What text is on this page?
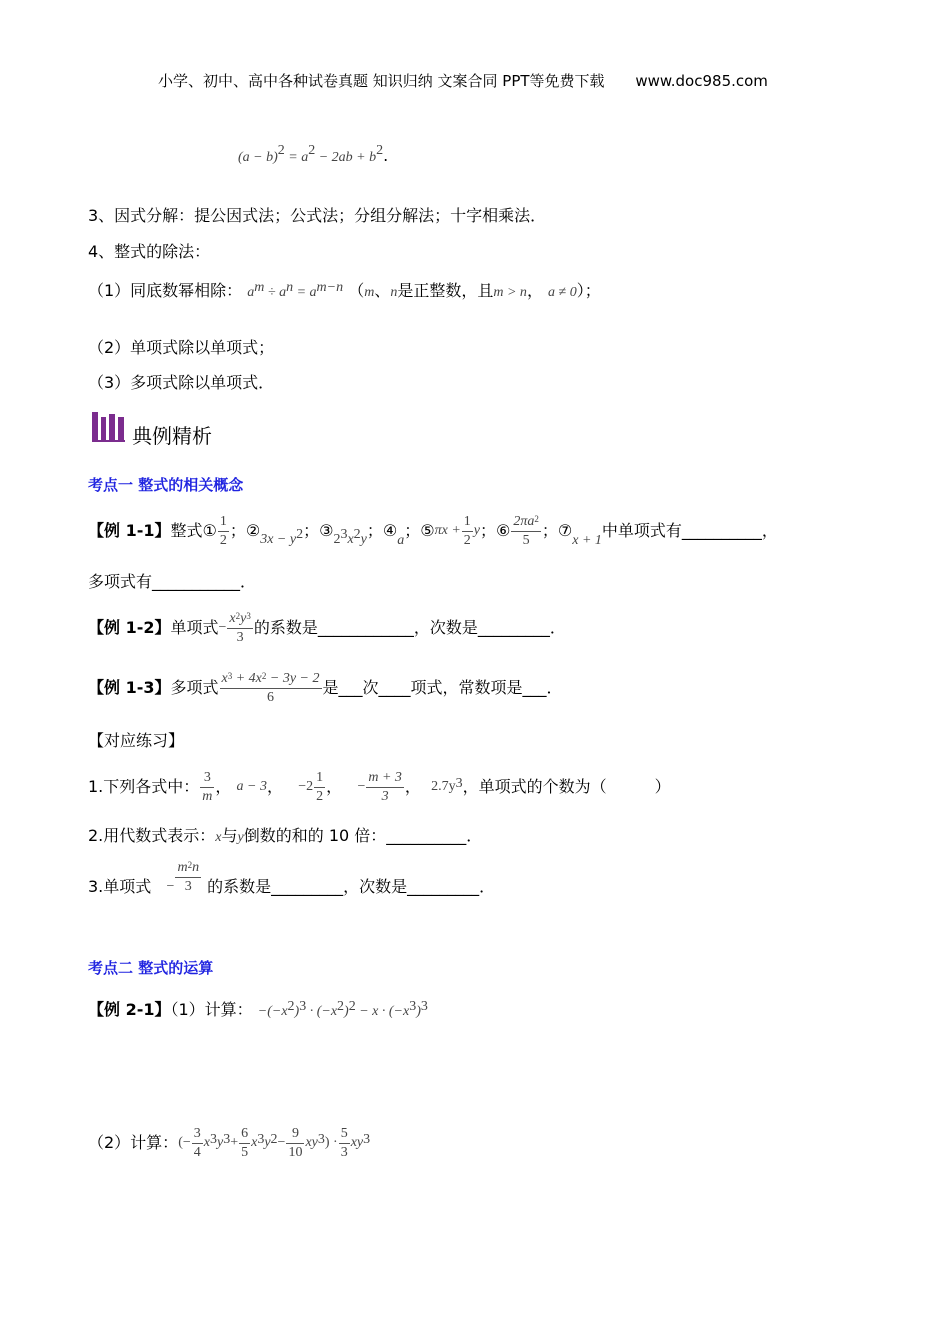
小学、初中、高中各种试卷真题 知识归纳 文案合同 PPT等免费下载 www.doc985.com
$(a - b)^2 = a^2 - 2ab + b^2$.
3、因式分解：提公因式法；公式法；分组分解法；十字相乘法．
4、整式的除法：
（1）同底数幂相除： $a^m \div a^n = a^{m-n}$ （m、n是正整数，且m > n， a ≠ 0）；
（2）单项式除以单项式；
（3）多项式除以单项式．
典例精析
考点一 整式的相关概念
【例 1-1】 整式① $\frac{1}{2}$ ；② $3x - y^2$ ；③ $2^3x^2y$ ；④
a
；⑤ $\pi x + \frac{1}{2}$ y ；⑥ $\frac{2\pi a^2}{5}$ ；⑦
x + 1
中单项式有__________，
多项式有___________．
【例 1-2】 单项式 − $\frac{x^2y^3}{3}$ 的系数是____________，次数是_________．
【例 1-3】 多项式 $\frac{x^3 + 4x^2 - 3y - 2}{6}$ 是___次____项式，常数项是___．
【对应练习】
1.下列各式中： $\frac{3}{m}$ ，
a − 3 ，
$-2 \frac{1}{2}$ ，
− $\frac{m + 3}{3}$ ，
$2.7y^3$ ，单项式的个数为（　　　）
2.用代数式表示：x与y倒数的和的 10 倍：__________．
3.单项式
− $\frac{m^2n}{3}$
的系数是_________，次数是_________．
考点二 整式的运算
【例 2-1】（1）计算： $-(-x^2)^3 \cdot (-x^2)^2 - x \cdot (-x^3)^3$
（2）计算： (− $\frac{3}{4} x^3$ $y^3 + \frac{6}{5} x^3$ $y^2 - \frac{9}{10} xy^3$ ) · $\frac{5}{3} xy^3$
